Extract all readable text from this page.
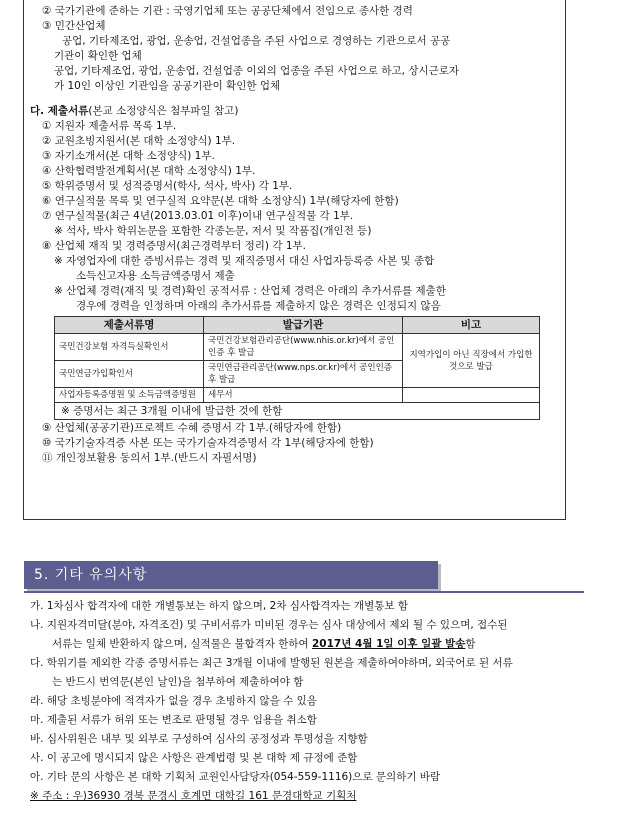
② 국가기관에 준하는 기관 : 국영기업체 또는 공공단체에서 전임으로 종사한 경력
③ 민간산업체
공업, 기타제조업, 광업, 운송업, 건설업종을 주된 사업으로 경영하는 기관으로서 공공
기관이 확인한 업체
공업, 기타제조업, 광업, 운송업, 건설업종 이외의 업종을 주된 사업으로 하고, 상시근로자
가 10인 이상인 기관임을 공공기관이 확인한 업체
다. 제출서류(본교 소정양식은 첨부파일 참고)
① 지원자 제출서류 목록 1부.
② 교원초빙지원서(본 대학 소정양식) 1부.
③ 자기소개서(본 대학 소정양식) 1부.
④ 산학협력발전계획서(본 대학 소정양식) 1부.
⑤ 학위증명서 및 성적증명서(학사, 석사, 박사) 각 1부.
⑥ 연구실적물 목록 및 연구실적 요약문(본 대학 소정양식) 1부(해당자에 한함)
⑦ 연구실적물(최근 4년(2013.03.01 이후)이내 연구실적물 각 1부.
※ 석사, 박사 학위논문을 포함한 각종논문, 저서 및 작품집(개인전 등)
⑧ 산업체 재직 및 경력증명서(최근경력부터 정리) 각 1부.
※ 자영업자에 대한 증빙서류는 경력 및 재직증명서 대신 사업자등록증 사본 및 종합
소득신고자용 소득금액증명서 제출
※ 산업체 경력(재직 및 경력)확인 공적서류 : 산업체 경력은 아래의 추가서류를 제출한
경우에 경력을 인정하며 아래의 추가서류를 제출하지 않은 경력은 인정되지 않음
제출서류명	발급기관	비고
국민건강보험 자격득실확인서	국민건강보험관리공단(www.nhis.or.kr)에서 공인인증 후 발급	지역가입이 아닌 직장에서 가입한 것으로 발급
국민연금가입확인서	국민연금관리공단(www.nps.or.kr)에서 공인인증후 발급	
사업자등록증명원 및 소득금액증명원	세무서	
※ 증명서는 최근 3개월 이내에 발급한 것에 한함		
⑨ 산업체(공공기관)프로젝트 수혜 증명서 각 1부.(해당자에 한함)
⑩ 국가기술자격증 사본 또는 국가기술자격증명서 각 1부(해당자에 한함)
⑪ 개인정보활용 동의서 1부.(반드시 자필서명)
5. 기타 유의사항
가. 1차심사 합격자에 대한 개별통보는 하지 않으며, 2차 심사합격자는 개별통보 함
나. 지원자격미달(분야, 자격조건) 및 구비서류가 미비된 경우는 심사 대상에서 제외 될 수 있으며, 접수된
서류는 일체 반환하지 않으며, 실적물은 불합격자 한하여 2017년 4월 1일 이후 일괄 발송함
다. 학위기를 제외한 각종 증명서류는 최근 3개월 이내에 발행된 원본을 제출하여야하며, 외국어로 된 서류
는 반드시 번역문(본인 날인)을 첨부하여 제출하여야 함
라. 해당 초빙분야에 적격자가 없을 경우 초빙하지 않을 수 있음
마. 제출된 서류가 허위 또는 변조로 판명될 경우 임용을 취소함
바. 심사위원은 내부 및 외부로 구성하여 심사의 공정성과 투명성을 지향함
사. 이 공고에 명시되지 않은 사항은 관계법령 및 본 대학 제 규정에 준함
아. 기타 문의 사항은 본 대학 기획처 교원인사담당자(054-559-1116)으로 문의하기 바람
※ 주소 : 우)36930 경북 문경시 호계면 대학길 161 문경대학교 기획처
